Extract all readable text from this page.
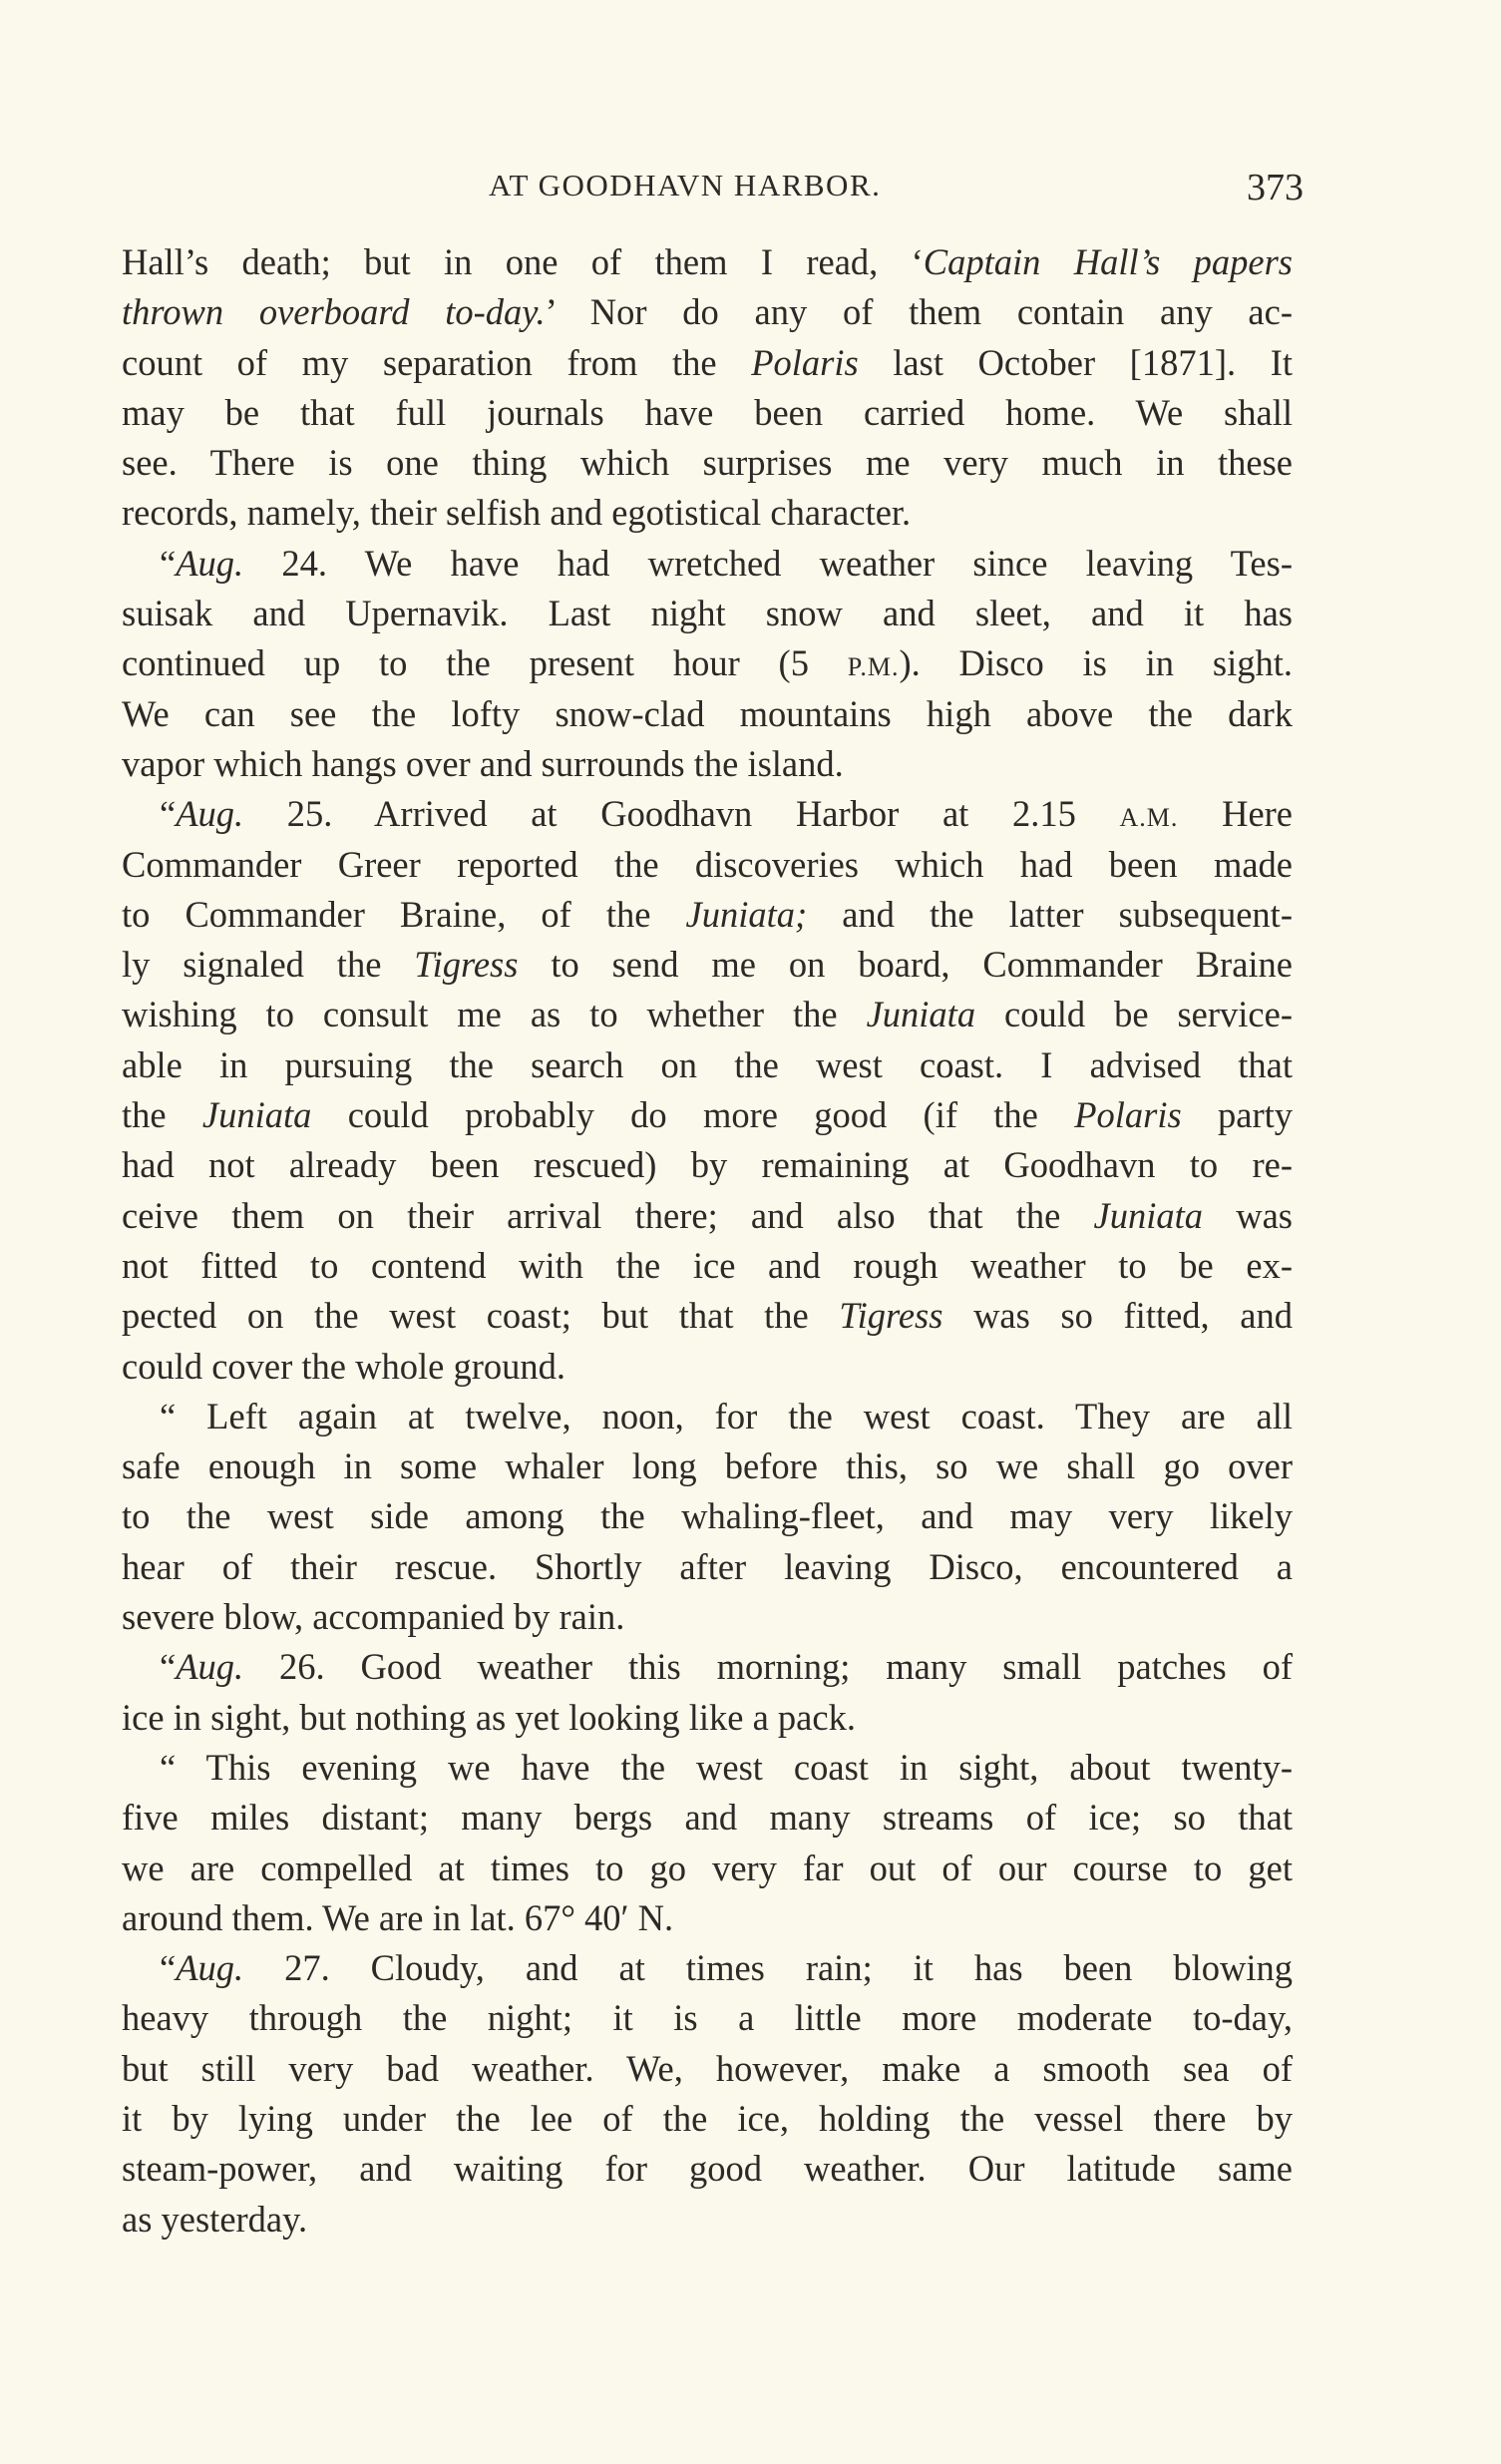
AT GOODHAVN HARBOR.	373
Hall’s death; but in one of them I read, ‘Captain Hall’s papers
thrown overboard to-day.’ Nor do any of them contain any ac-
count of my separation from the Polaris last October [1871]. It
may be that full journals have been carried home. We shall
see. There is one thing which surprises me very much in these
records, namely, their selfish and egotistical character.
“Aug. 24. We have had wretched weather since leaving Tes-
suisak and Upernavik. Last night snow and sleet, and it has
continued up to the present hour (5 P.M.). Disco is in sight.
We can see the lofty snow-clad mountains high above the dark
vapor which hangs over and surrounds the island.
“Aug. 25. Arrived at Goodhavn Harbor at 2.15 A.M. Here
Commander Greer reported the discoveries which had been made
to Commander Braine, of the Juniata; and the latter subsequent-
ly signaled the Tigress to send me on board, Commander Braine
wishing to consult me as to whether the Juniata could be service-
able in pursuing the search on the west coast. I advised that
the Juniata could probably do more good (if the Polaris party
had not already been rescued) by remaining at Goodhavn to re-
ceive them on their arrival there; and also that the Juniata was
not fitted to contend with the ice and rough weather to be ex-
pected on the west coast; but that the Tigress was so fitted, and
could cover the whole ground.
“ Left again at twelve, noon, for the west coast. They are all
safe enough in some whaler long before this, so we shall go over
to the west side among the whaling-fleet, and may very likely
hear of their rescue. Shortly after leaving Disco, encountered a
severe blow, accompanied by rain.
“Aug. 26. Good weather this morning; many small patches of
ice in sight, but nothing as yet looking like a pack.
“ This evening we have the west coast in sight, about twenty-
five miles distant; many bergs and many streams of ice; so that
we are compelled at times to go very far out of our course to get
around them. We are in lat. 67° 40′ N.
“Aug. 27. Cloudy, and at times rain; it has been blowing
heavy through the night; it is a little more moderate to-day,
but still very bad weather. We, however, make a smooth sea of
it by lying under the lee of the ice, holding the vessel there by
steam-power, and waiting for good weather. Our latitude same
as yesterday.
